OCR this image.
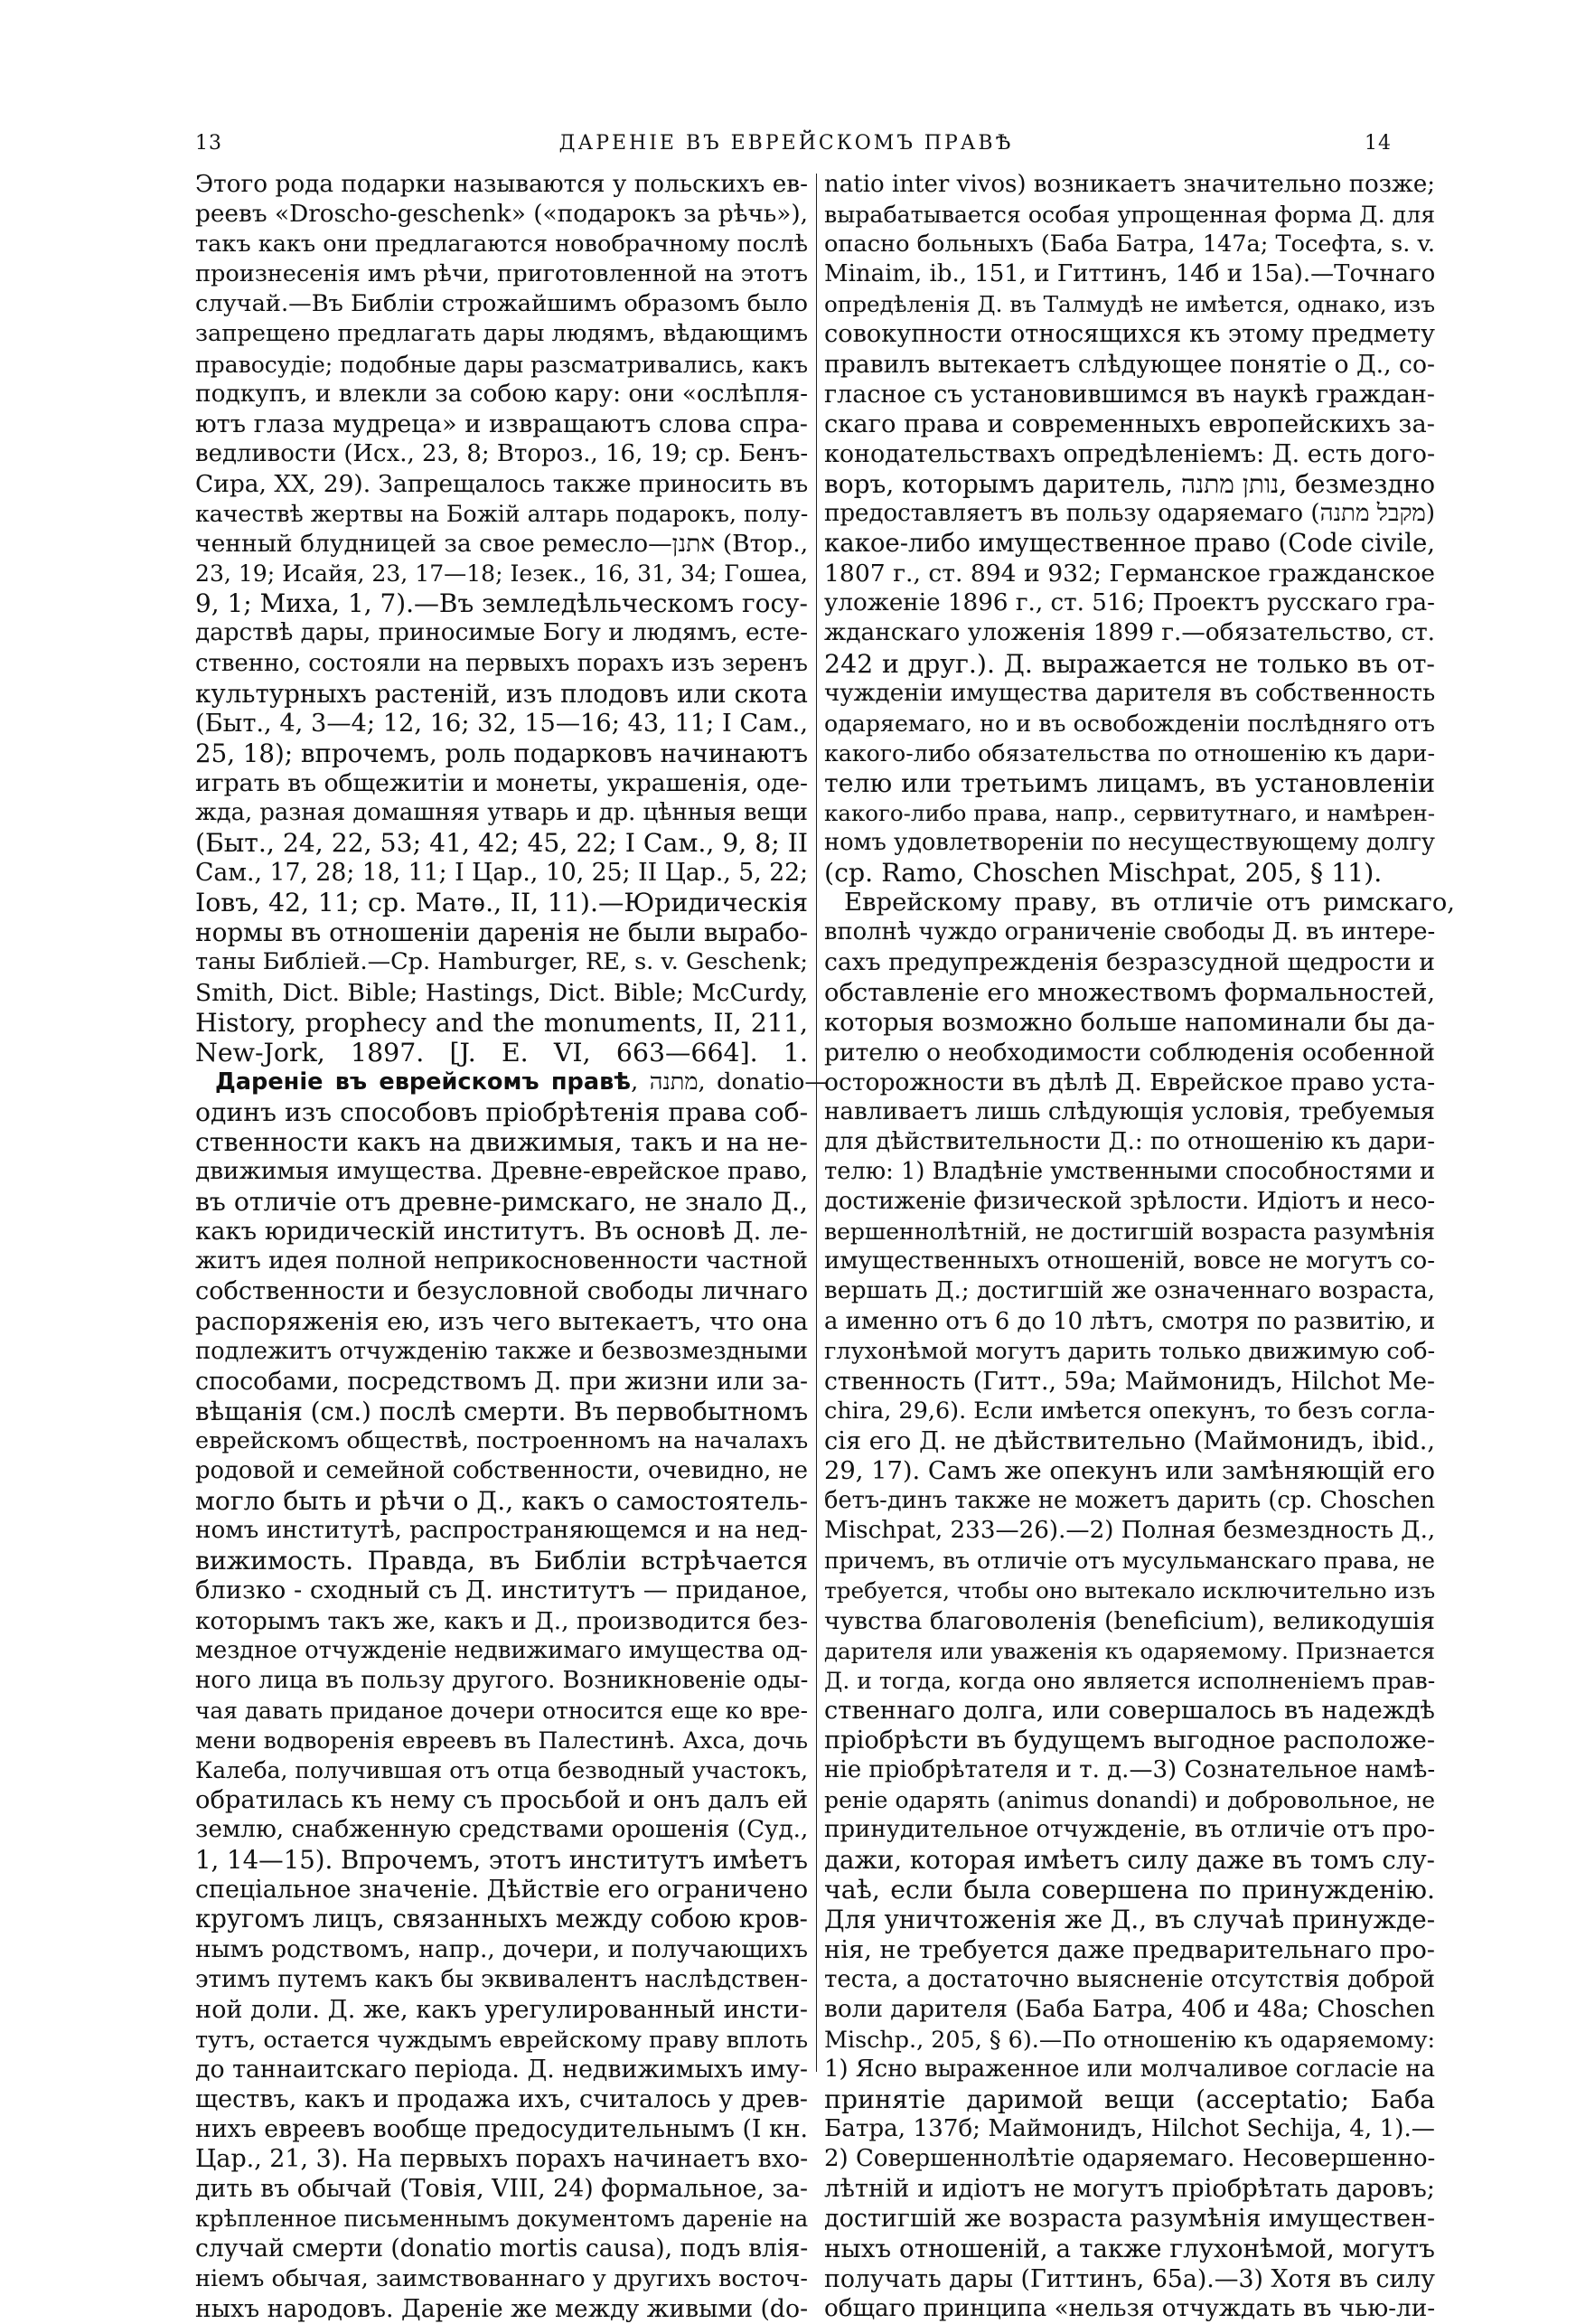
13	ДАРЕНІЕ ВЪ ЕВРЕЙСКОМЪ ПРАВѢ	14
Этого рода подарки называются у польскихъ ев-
реевъ «Droscho-geschenk» («подарокъ за рѣчь»),
такъ какъ они предлагаются новобрачному послѣ
произнесенія имъ рѣчи, приготовленной на этотъ
случай.—Въ Библіи строжайшимъ образомъ было
запрещено предлагать дары людямъ, вѣдающимъ
правосудіе; подобные дары разсматривались, какъ
подкупъ, и влекли за собою кару: они «ослѣпля-
ютъ глаза мудреца» и извращаютъ слова спра-
ведливости (Исх., 23, 8; Второз., 16, 19; ср. Бенъ-
Сира, XX, 29). Запрещалось также приносить въ
качествѣ жертвы на Божій алтарь подарокъ, полу-
ченный блудницей за свое ремесло—אתנן (Втор.,
23, 19; Исайя, 23, 17—18; Іезек., 16, 31, 34; Гошеа,
9, 1; Миха, 1, 7).—Въ земледѣльческомъ госу-
дарствѣ дары, приносимые Богу и людямъ, есте-
ственно, состояли на первыхъ порахъ изъ зеренъ
культурныхъ растеній, изъ плодовъ или скота
(Быт., 4, 3—4; 12, 16; 32, 15—16; 43, 11; I Сам.,
25, 18); впрочемъ, роль подарковъ начинаютъ
играть въ общежитіи и монеты, украшенія, оде-
жда, разная домашняя утварь и др. цѣнныя вещи
(Быт., 24, 22, 53; 41, 42; 45, 22; I Сам., 9, 8; II
Сам., 17, 28; 18, 11; I Цар., 10, 25; II Цар., 5, 22;
Іовъ, 42, 11; ср. Матѳ., II, 11).—Юридическія
нормы въ отношеніи даренія не были вырабо-
таны Библіей.—Ср. Hamburger, RE, s. v. Geschenk;
Smith, Dict. Bible; Hastings, Dict. Bible; McCurdy,
History, prophecy and the monuments, II, 211,
New-Jork, 1897. [J. E. VI, 663—664]. 1.
Дареніе въ еврейскомъ правѣ, מתנה, donatio—
одинъ изъ способовъ пріобрѣтенія права соб-
ственности какъ на движимыя, такъ и на не-
движимыя имущества. Древне-еврейское право,
въ отличіе отъ древне-римскаго, не знало Д.,
какъ юридическій институтъ. Въ основѣ Д. ле-
житъ идея полной неприкосновенности частной
собственности и безусловной свободы личнаго
распоряженія ею, изъ чего вытекаетъ, что она
подлежитъ отчужденію также и безвозмездными
способами, посредствомъ Д. при жизни или за-
вѣщанія (см.) послѣ смерти. Въ первобытномъ
еврейскомъ обществѣ, построенномъ на началахъ
родовой и семейной собственности, очевидно, не
могло быть и рѣчи о Д., какъ о самостоятель-
номъ институтѣ, распространяющемся и на нед-
вижимость. Правда, въ Библіи встрѣчается
близко - сходный съ Д. институтъ — приданое,
которымъ такъ же, какъ и Д., производится без-
мездное отчужденіе недвижимаго имущества од-
ного лица въ пользу другого. Возникновеніе оды-
чая давать приданое дочери относится еще ко вре-
мени водворенія евреевъ въ Палестинѣ. Ахса, дочь
Калеба, получившая отъ отца безводный участокъ,
обратилась къ нему съ просьбой и онъ далъ ей
землю, снабженную средствами орошенія (Суд.,
1, 14—15). Впрочемъ, этотъ институтъ имѣетъ
спеціальное значеніе. Дѣйствіе его ограничено
кругомъ лицъ, связанныхъ между собою кров-
нымъ родствомъ, напр., дочери, и получающихъ
этимъ путемъ какъ бы эквивалентъ наслѣдствен-
ной доли. Д. же, какъ урегулированный инсти-
тутъ, остается чуждымъ еврейскому праву вплоть
до таннаитскаго періода. Д. недвижимыхъ иму-
ществъ, какъ и продажа ихъ, считалось у древ-
нихъ евреевъ вообще предосудительнымъ (I кн.
Цар., 21, 3). На первыхъ порахъ начинаетъ вхо-
дить въ обычай (Товія, VIII, 24) формальное, за-
крѣпленное письменнымъ документомъ дареніе на
случай смерти (donatio mortis causa), подъ влія-
ніемъ обычая, заимствованнаго у другихъ восточ-
ныхъ народовъ. Дареніе же между живыми (do-
natio inter vivos) возникаетъ значительно позже;
вырабатывается особая упрощенная форма Д. для
опасно больныхъ (Баба Батра, 147а; Тосефта, s. v.
Minaim, ib., 151, и Гиттинъ, 14б и 15а).—Точнаго
опредѣленія Д. въ Талмудѣ не имѣется, однако, изъ
совокупности относящихся къ этому предмету
правилъ вытекаетъ слѣдующее понятіе о Д., со-
гласное съ установившимся въ наукѣ граждан-
скаго права и современныхъ европейскихъ за-
конодательствахъ опредѣленіемъ: Д. есть дого-
воръ, которымъ даритель, נותן מתנה, безмездно
предоставляетъ въ пользу одаряемаго (מקבל מתנה)
какое-либо имущественное право (Code civile,
1807 г., ст. 894 и 932; Германское гражданское
уложеніе 1896 г., ст. 516; Проектъ русскаго гра-
жданскаго уложенія 1899 г.—обязательство, ст.
242 и друг.). Д. выражается не только въ от-
чужденіи имущества дарителя въ собственность
одаряемаго, но и въ освобожденіи послѣдняго отъ
какого-либо обязательства по отношенію къ дари-
телю или третьимъ лицамъ, въ установленіи
какого-либо права, напр., сервитутнаго, и намѣрен-
номъ удовлетвореніи по несуществующему долгу
(ср. Ramo, Choschen Mischpat, 205, § 11).
Еврейскому праву, въ отличіе отъ римскаго,
вполнѣ чуждо ограниченіе свободы Д. въ интере-
сахъ предупрежденія безразсудной щедрости и
обставленіе его множествомъ формальностей,
которыя возможно больше напоминали бы да-
рителю о необходимости соблюденія особенной
осторожности въ дѣлѣ Д. Еврейское право уста-
навливаетъ лишь слѣдующія условія, требуемыя
для дѣйствительности Д.: по отношенію къ дари-
телю: 1) Владѣніе умственными способностями и
достиженіе физической зрѣлости. Идіотъ и несо-
вершеннолѣтній, не достигшій возраста разумѣнія
имущественныхъ отношеній, вовсе не могутъ со-
вершать Д.; достигшій же означеннаго возраста,
а именно отъ 6 до 10 лѣтъ, смотря по развитію, и
глухонѣмой могутъ дарить только движимую соб-
ственность (Гитт., 59а; Маймонидъ, Hilchot Me-
chira, 29,6). Если имѣется опекунъ, то безъ согла-
сія его Д. не дѣйствительно (Маймонидъ, ibid.,
29, 17). Самъ же опекунъ или замѣняющій его
бетъ-динъ также не можетъ дарить (ср. Choschen
Mischpat, 233—26).—2) Полная безмездность Д.,
причемъ, въ отличіе отъ мусульманскаго права, не
требуется, чтобы оно вытекало исключительно изъ
чувства благоволенія (beneficium), великодушія
дарителя или уваженія къ одаряемому. Признается
Д. и тогда, когда оно является исполненіемъ прав-
ственнаго долга, или совершалось въ надеждѣ
пріобрѣсти въ будущемъ выгодное расположе-
ніе пріобрѣтателя и т. д.—3) Сознательное намѣ-
реніе одарять (animus donandi) и добровольное, не
принудительное отчужденіе, въ отличіе отъ про-
дажи, которая имѣетъ силу даже въ томъ слу-
чаѣ, если была совершена по принужденію.
Для уничтоженія же Д., въ случаѣ принужде-
нія, не требуется даже предварительнаго про-
теста, а достаточно выясненіе отсутствія доброй
воли дарителя (Баба Батра, 40б и 48а; Choschen
Mischp., 205, § 6).—По отношенію къ одаряемому:
1) Ясно выраженное или молчаливое согласіе на
принятіе даримой вещи (acceptatio; Баба
Батра, 137б; Маймонидъ, Hilchot Sechija, 4, 1).—
2) Совершеннолѣтіе одаряемаго. Несовершенно-
лѣтній и идіотъ не могутъ пріобрѣтать даровъ;
достигшій же возраста разумѣнія имуществен-
ныхъ отношеній, а также глухонѣмой, могутъ
получать дары (Гиттинъ, 65а).—3) Хотя въ силу
общаго принципа «нельзя отчуждать въ чью-ли-
